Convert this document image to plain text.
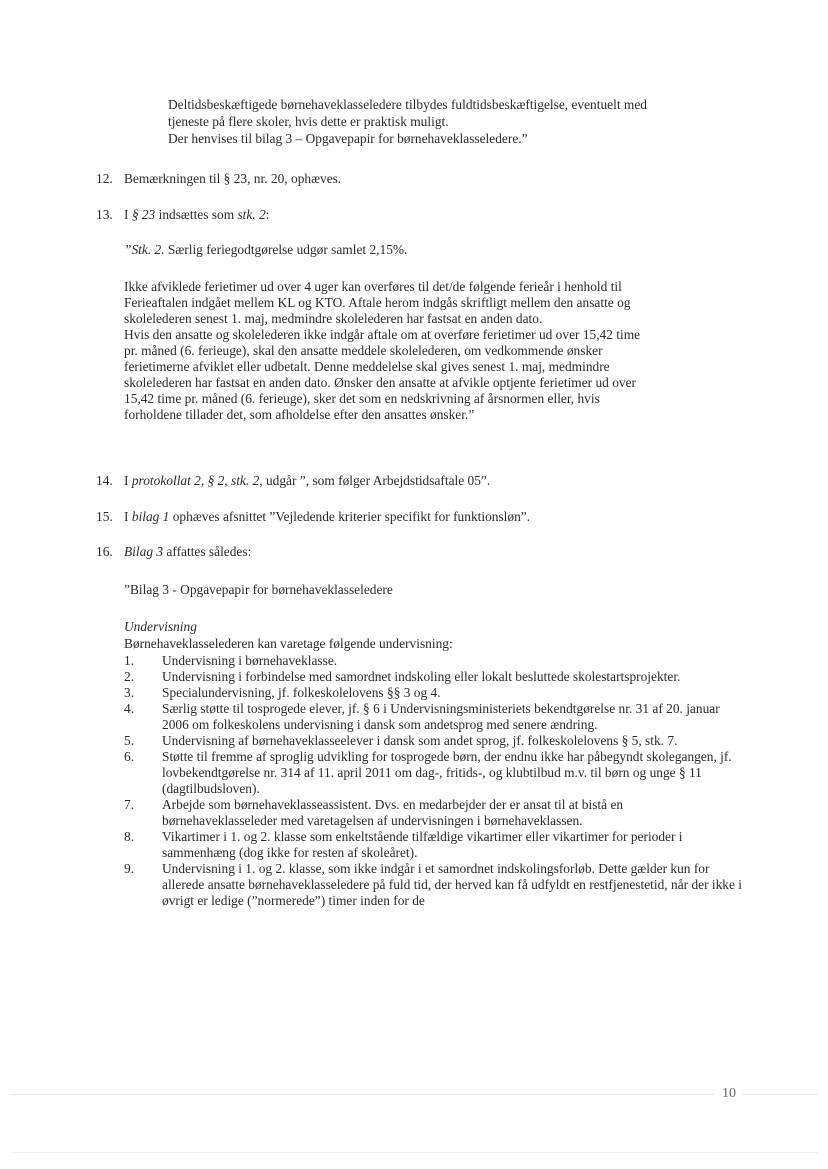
Deltidsbeskæftigede børnehaveklasseledere tilbydes fuldtidsbeskæftigelse, eventuelt med
tjeneste på flere skoler, hvis dette er praktisk muligt.
Der henvises til bilag 3 – Opgavepapir for børnehaveklasseledere.”
12. Bemærkningen til § 23, nr. 20, ophæves.
13. I § 23 indsættes som stk. 2:
”Stk. 2. Særlig feriegodtgørelse udgør samlet 2,15%.
Ikke afviklede ferietimer ud over 4 uger kan overføres til det/de følgende ferieår i henhold til
Ferieaftalen indgået mellem KL og KTO. Aftale herom indgås skriftligt mellem den ansatte og
skolelederen senest 1. maj, medmindre skolelederen har fastsat en anden dato.
Hvis den ansatte og skolelederen ikke indgår aftale om at overføre ferietimer ud over 15,42 time
pr. måned (6. ferieuge), skal den ansatte meddele skolelederen, om vedkommende ønsker
ferietimerne afviklet eller udbetalt. Denne meddelelse skal gives senest 1. maj, medmindre
skolelederen har fastsat en anden dato. Ønsker den ansatte at afvikle optjente ferietimer ud over
15,42 time pr. måned (6. ferieuge), sker det som en nedskrivning af årsnormen eller, hvis
forholdene tillader det, som afholdelse efter den ansattes ønsker.”
14. I protokollat 2, § 2, stk. 2, udgår ”, som følger Arbejdstidsaftale 05”.
15. I bilag 1 ophæves afsnittet ”Vejledende kriterier specifikt for funktionsløn”.
16. Bilag 3 affattes således:
”Bilag 3 - Opgavepapir for børnehaveklasseledere
Undervisning
Børnehaveklasselederen kan varetage følgende undervisning:
1. Undervisning i børnehaveklasse.
2. Undervisning i forbindelse med samordnet indskoling eller lokalt besluttede skolestartsprojekter.
3. Specialundervisning, jf. folkeskolelovens §§ 3 og 4.
4. Særlig støtte til tosprogede elever, jf. § 6 i Undervisningsministeriets bekendtgørelse nr. 31 af 20. januar 2006 om folkeskolens undervisning i dansk som andetsprog med senere ændring.
5. Undervisning af børnehaveklasseelever i dansk som andet sprog, jf. folkeskolelovens § 5, stk. 7.
6. Støtte til fremme af sproglig udvikling for tosprogede børn, der endnu ikke har påbegyndt skolegangen, jf. lovbekendtgørelse nr. 314 af 11. april 2011 om dag-, fritids-, og klubtilbud m.v. til børn og unge § 11 (dagtilbudsloven).
7. Arbejde som børnehaveklasseassistent. Dvs. en medarbejder der er ansat til at bistå en børnehaveklasseleder med varetagelsen af undervisningen i børnehaveklassen.
8. Vikartimer i 1. og 2. klasse som enkeltstående tilfældige vikartimer eller vikartimer for perioder i sammenhæng (dog ikke for resten af skoleåret).
9. Undervisning i 1. og 2. klasse, som ikke indgår i et samordnet indskolingsforløb. Dette gælder kun for allerede ansatte børnehaveklasseledere på fuld tid, der herved kan få udfyldt en restfjenestetid, når der ikke i øvrigt er ledige (”normerede”) timer inden for de
10
